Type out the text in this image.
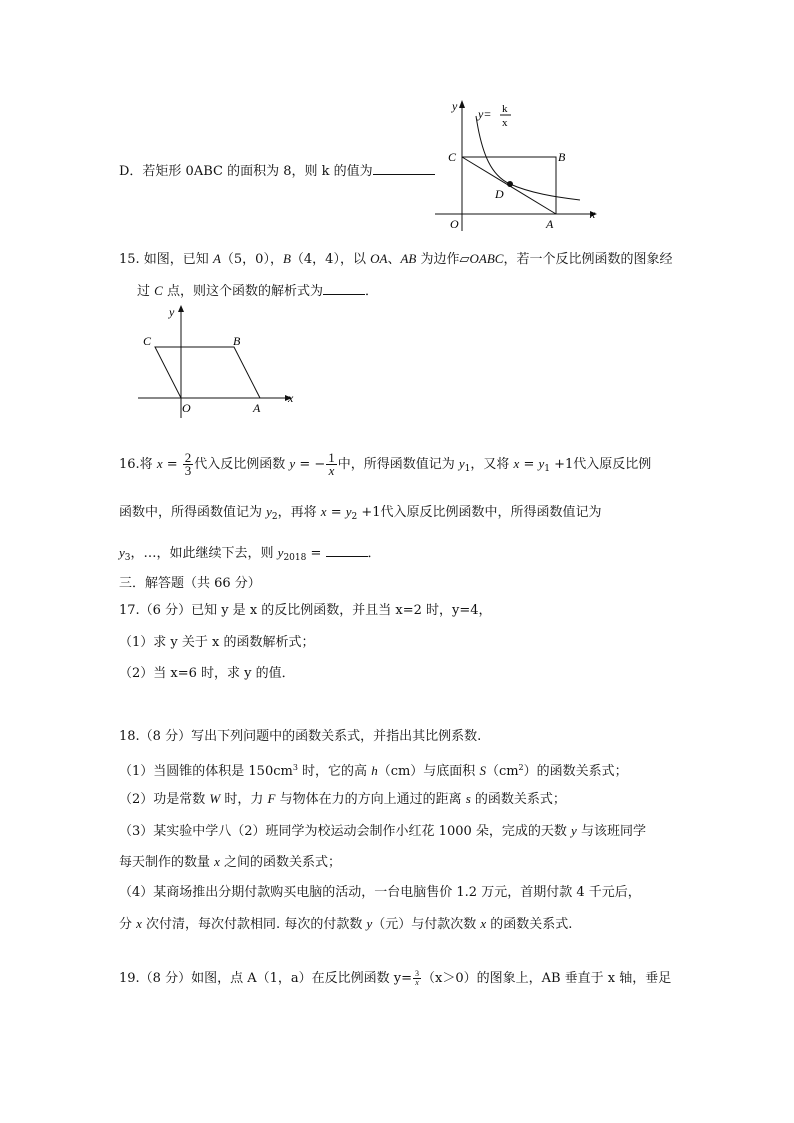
D．若矩形 0ABC 的面积为 8，则 k 的值为
y
x
C	B
D
O	A
y= k
x
15. 如图，已知 A（5，0），B（4，4），以 OA、AB 为边作▱OABC，若一个反比例函数的图象经
过 C 点，则这个函数的解析式为	．
y
x
C	B
O	A
16.将 $x = \frac{2}{3}$ 代入反比例函数 y = − $\frac{1}{x}$ 中，所得函数值记为 $y_1$，又将 $x = y_1 +1$代入原反比例
函数中，所得函数值记为 $y_2$，再将 $x = y_2 +1$代入原反比例函数中，所得函数值记为
$y_3$，…，如此继续下去，则 $y_{2018}$ =	．
三．解答题（共 66 分）
17.（6 分）已知 y 是 x 的反比例函数，并且当 x=2 时，y=4，
（1）求 y 关于 x 的函数解析式；
（2）当 x=6 时，求 y 的值．
18.（8 分）写出下列问题中的函数关系式，并指出其比例系数.
（1）当圆锥的体积是 $150cm^3$ 时，它的高 h（cm）与底面积 $S(cm^2)$的函数关系式；
（2）功是常数 W 时，力 F 与物体在力的方向上通过的距离 s 的函数关系式；
（3）某实验中学八（2）班同学为校运动会制作小红花 1000 朵，完成的天数 y 与该班同学
每天制作的数量 x 之间的函数关系式；
（4）某商场推出分期付款购买电脑的活动，一台电脑售价 1.2 万元，首期付款 4 千元后，
分 x 次付清，每次付款相同. 每次的付款数 y（元）与付款次数 x 的函数关系式.
19.（8 分）如图，点 A（1，a）在反比例函数 $y= \frac{3}{x} (x>0)$的图象上，AB 垂直于 x 轴，垂足
